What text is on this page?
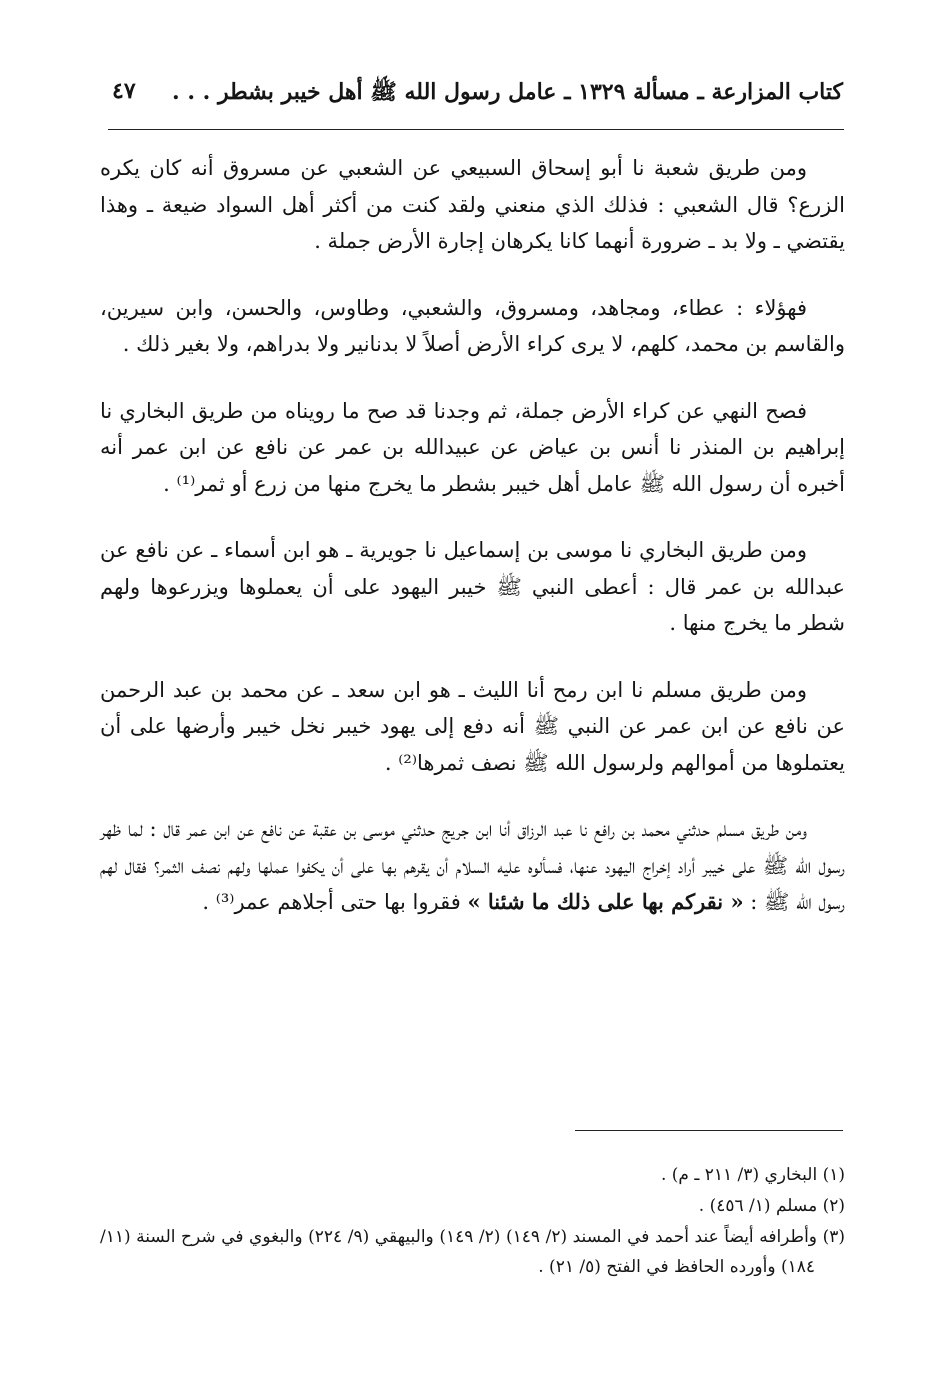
كتاب المزارعة ـ مسألة ١٣٢٩ ـ عامل رسول الله ﷺ أهل خيبر بشطر . . .
٤٧

ومن طريق شعبة نا أبو إسحاق السبيعي عن الشعبي عن مسروق أنه كان يكره الزرع؟ قال الشعبي : فذلك الذي منعني ولقد كنت من أكثر أهل السواد ضيعة ـ وهذا يقتضي ـ ولا بد ـ ضرورة أنهما كانا يكرهان إجارة الأرض جملة .

فهؤلاء : عطاء، ومجاهد، ومسروق، والشعبي، وطاوس، والحسن، وابن سيرين، والقاسم بن محمد، كلهم، لا يرى كراء الأرض أصلاً لا بدنانير ولا بدراهم، ولا بغير ذلك .

فصح النهي عن كراء الأرض جملة، ثم وجدنا قد صح ما رويناه من طريق البخاري نا إبراهيم بن المنذر نا أنس بن عياض عن عبيدالله بن عمر عن نافع عن ابن عمر أنه أخبره أن رسول الله ﷺ عامل أهل خيبر بشطر ما يخرج منها من زرع أو ثمر⁽¹⁾ .

ومن طريق البخاري نا موسى بن إسماعيل نا جويرية ـ هو ابن أسماء ـ عن نافع عن عبدالله بن عمر قال : أعطى النبي ﷺ خيبر اليهود على أن يعملوها ويزرعوها ولهم شطر ما يخرج منها .

ومن طريق مسلم نا ابن رمح أنا الليث ـ هو ابن سعد ـ عن محمد بن عبد الرحمن عن نافع عن ابن عمر عن النبي ﷺ أنه دفع إلى يهود خيبر نخل خيبر وأرضها على أن يعتملوها من أموالهم ولرسول الله ﷺ نصف ثمرها⁽²⁾ .

ومن طريق مسلم حدثني محمد بن رافع نا عبد الرزاق أنا ابن جريج حدثني موسى بن عقبة عن نافع عن ابن عمر قال : لما ظهر رسول الله ﷺ على خيبر أراد إخراج اليهود عنها، فسألوه عليه السلام أن يقرهم بها على أن يكفوا عملها ولهم نصف الثمر؟ فقال لهم رسول الله ﷺ : « نقركم بها على ذلك ما شئنا » فقروا بها حتى أجلاهم عمر⁽³⁾ .

(١) البخاري (٣/ ٢١١ ـ م) .
(٢) مسلم (١/ ٤٥٦) .
(٣) وأطرافه أيضاً عند أحمد في المسند (٢/ ١٤٩) (٢/ ١٤٩) والبيهقي (٩/ ٢٢٤) والبغوي في شرح السنة (١١/ ١٨٤) وأورده الحافظ في الفتح (٥/ ٢١) .
